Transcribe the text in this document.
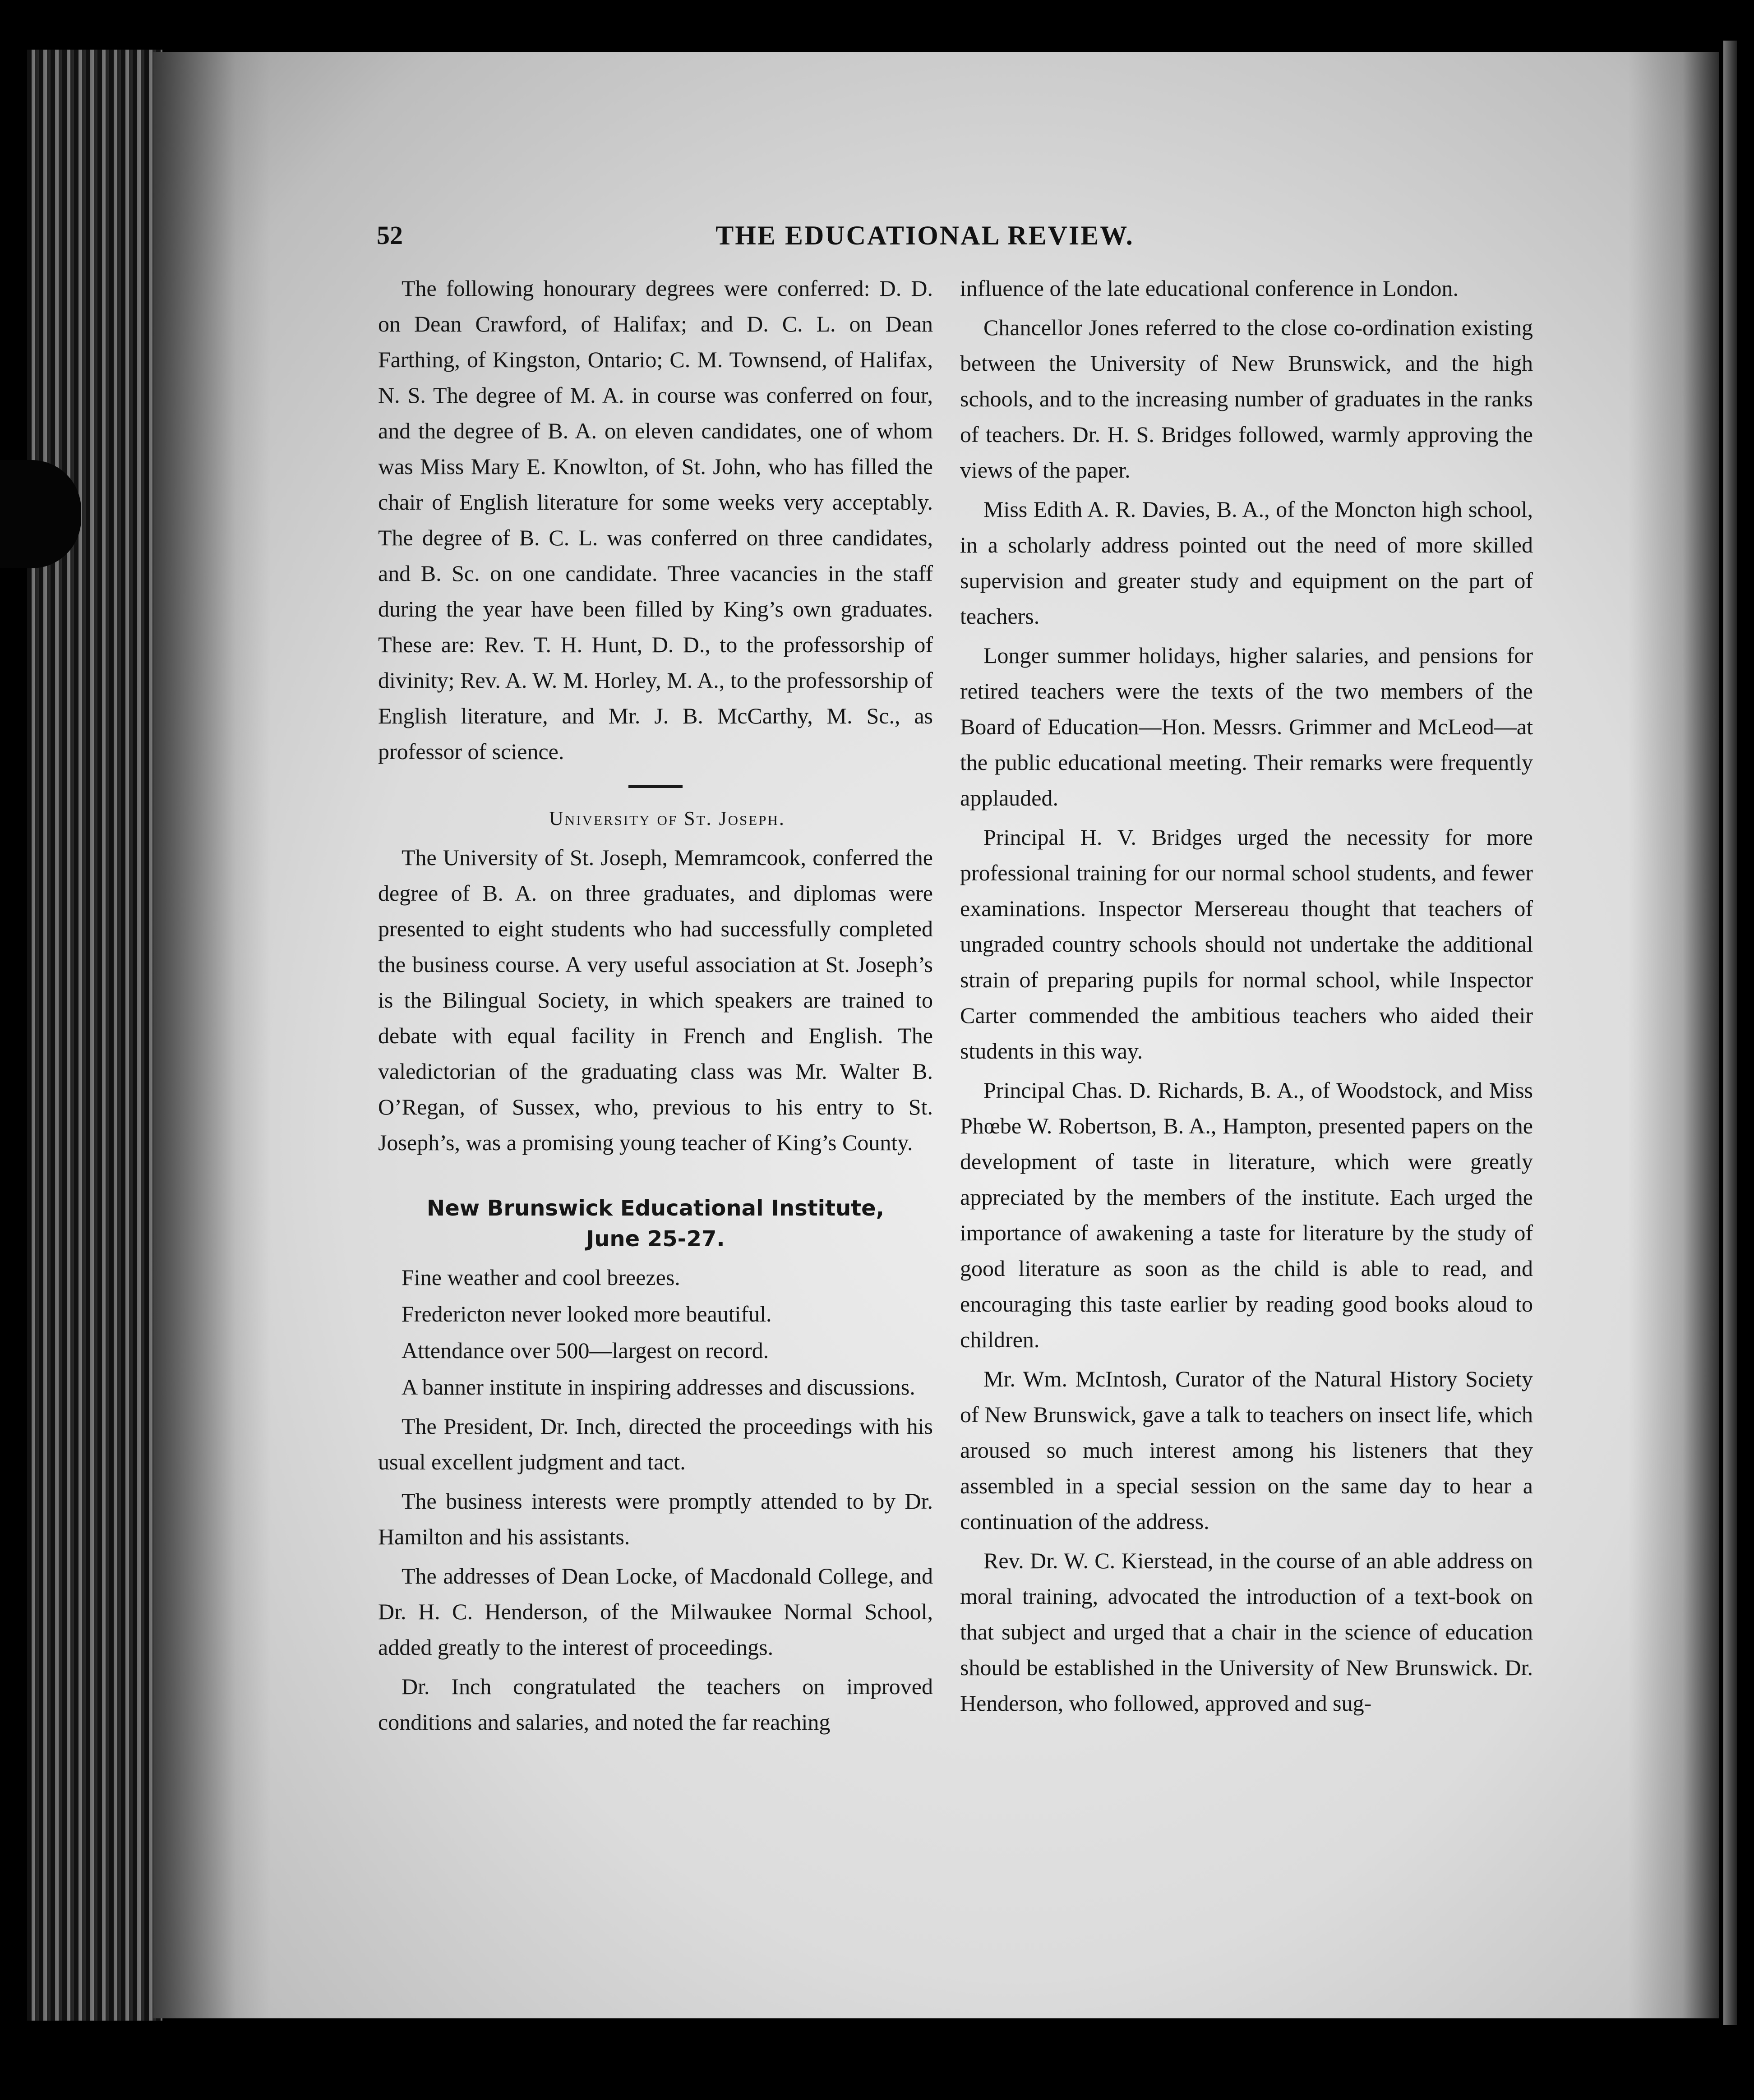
52	THE EDUCATIONAL REVIEW.

The following honourary degrees were conferred: D. D. on Dean Crawford, of Halifax; and D. C. L. on Dean Farthing, of Kingston, Ontario; C. M. Townsend, of Halifax, N. S. The degree of M. A. in course was conferred on four, and the degree of B. A. on eleven candidates, one of whom was Miss Mary E. Knowlton, of St. John, who has filled the chair of English literature for some weeks very acceptably. The degree of B. C. L. was conferred on three candidates, and B. Sc. on one candidate. Three vacancies in the staff during the year have been filled by King’s own graduates. These are: Rev. T. H. Hunt, D. D., to the professorship of divinity; Rev. A. W. M. Horley, M. A., to the professorship of English literature, and Mr. J. B. McCarthy, M. Sc., as professor of science.

University of St. Joseph.

The University of St. Joseph, Memramcook, conferred the degree of B. A. on three graduates, and diplomas were presented to eight students who had successfully completed the business course. A very useful association at St. Joseph’s is the Bilingual Society, in which speakers are trained to debate with equal facility in French and English. The valedictorian of the graduating class was Mr. Walter B. O’Regan, of Sussex, who, previous to his entry to St. Joseph’s, was a promising young teacher of King’s County.

New Brunswick Educational Institute,
June 25-27.

Fine weather and cool breezes.

Fredericton never looked more beautiful.

Attendance over 500—largest on record.

A banner institute in inspiring addresses and discussions.

The President, Dr. Inch, directed the proceedings with his usual excellent judgment and tact.

The business interests were promptly attended to by Dr. Hamilton and his assistants.

The addresses of Dean Locke, of Macdonald College, and Dr. H. C. Henderson, of the Milwaukee Normal School, added greatly to the interest of proceedings.

Dr. Inch congratulated the teachers on improved conditions and salaries, and noted the far reaching

influence of the late educational conference in London.

Chancellor Jones referred to the close co-ordination existing between the University of New Brunswick, and the high schools, and to the increasing number of graduates in the ranks of teachers. Dr. H. S. Bridges followed, warmly approving the views of the paper.

Miss Edith A. R. Davies, B. A., of the Moncton high school, in a scholarly address pointed out the need of more skilled supervision and greater study and equipment on the part of teachers.

Longer summer holidays, higher salaries, and pensions for retired teachers were the texts of the two members of the Board of Education—Hon. Messrs. Grimmer and McLeod—at the public educational meeting. Their remarks were frequently applauded.

Principal H. V. Bridges urged the necessity for more professional training for our normal school students, and fewer examinations. Inspector Mersereau thought that teachers of ungraded country schools should not undertake the additional strain of preparing pupils for normal school, while Inspector Carter commended the ambitious teachers who aided their students in this way.

Principal Chas. D. Richards, B. A., of Woodstock, and Miss Phœbe W. Robertson, B. A., Hampton, presented papers on the development of taste in literature, which were greatly appreciated by the members of the institute. Each urged the importance of awakening a taste for literature by the study of good literature as soon as the child is able to read, and encouraging this taste earlier by reading good books aloud to children.

Mr. Wm. McIntosh, Curator of the Natural History Society of New Brunswick, gave a talk to teachers on insect life, which aroused so much interest among his listeners that they assembled in a special session on the same day to hear a continuation of the address.

Rev. Dr. W. C. Kierstead, in the course of an able address on moral training, advocated the introduction of a text-book on that subject and urged that a chair in the science of education should be established in the University of New Brunswick. Dr. Henderson, who followed, approved and sug-
